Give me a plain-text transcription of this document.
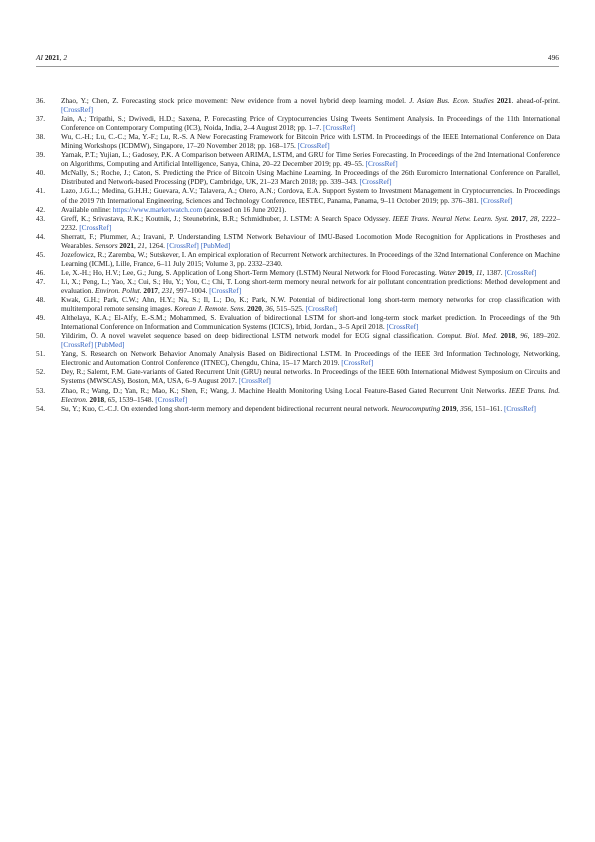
AI 2021, 2	496
36. Zhao, Y.; Chen, Z. Forecasting stock price movement: New evidence from a novel hybrid deep learning model. J. Asian Bus. Econ. Studies 2021. ahead-of-print. [CrossRef]
37. Jain, A.; Tripathi, S.; Dwivedi, H.D.; Saxena, P. Forecasting Price of Cryptocurrencies Using Tweets Sentiment Analysis. In Proceedings of the 11th International Conference on Contemporary Computing (IC3), Noida, India, 2–4 August 2018; pp. 1–7. [CrossRef]
38. Wu, C.-H.; Lu, C.-C.; Ma, Y.-F.; Lu, R.-S. A New Forecasting Framework for Bitcoin Price with LSTM. In Proceedings of the IEEE International Conference on Data Mining Workshops (ICDMW), Singapore, 17–20 November 2018; pp. 168–175. [CrossRef]
39. Yamak, P.T.; Yujian, L.; Gadosey, P.K. A Comparison between ARIMA, LSTM, and GRU for Time Series Forecasting. In Proceedings of the 2nd International Conference on Algorithms, Computing and Artificial Intelligence, Sanya, China, 20–22 December 2019; pp. 49–55. [CrossRef]
40. McNally, S.; Roche, J.; Caton, S. Predicting the Price of Bitcoin Using Machine Learning. In Proceedings of the 26th Euromicro International Conference on Parallel, Distributed and Network-based Processing (PDP), Cambridge, UK, 21–23 March 2018; pp. 339–343. [CrossRef]
41. Lazo, J.G.L.; Medina, G.H.H.; Guevara, A.V.; Talavera, A.; Otero, A.N.; Cordova, E.A. Support System to Investment Management in Cryptocurrencies. In Proceedings of the 2019 7th International Engineering, Sciences and Technology Conference, IESTEC, Panama, Panama, 9–11 October 2019; pp. 376–381. [CrossRef]
42. Available online: https://www.marketwatch.com (accessed on 16 June 2021).
43. Greff, K.; Srivastava, R.K.; Koutnik, J.; Steunebrink, B.R.; Schmidhuber, J. LSTM: A Search Space Odyssey. IEEE Trans. Neural Netw. Learn. Syst. 2017, 28, 2222–2232. [CrossRef]
44. Sherratt, F.; Plummer, A.; Iravani, P. Understanding LSTM Network Behaviour of IMU-Based Locomotion Mode Recognition for Applications in Prostheses and Wearables. Sensors 2021, 21, 1264. [CrossRef] [PubMed]
45. Jozefowicz, R.; Zaremba, W.; Sutskever, I. An empirical exploration of Recurrent Network architectures. In Proceedings of the 32nd International Conference on Machine Learning (ICML), Lille, France, 6–11 July 2015; Volume 3, pp. 2332–2340.
46. Le, X.-H.; Ho, H.V.; Lee, G.; Jung, S. Application of Long Short-Term Memory (LSTM) Neural Network for Flood Forecasting. Water 2019, 11, 1387. [CrossRef]
47. Li, X.; Peng, L.; Yao, X.; Cui, S.; Hu, Y.; You, C.; Chi, T. Long short-term memory neural network for air pollutant concentration predictions: Method development and evaluation. Environ. Pollut. 2017, 231, 997–1004. [CrossRef]
48. Kwak, G.H.; Park, C.W.; Ahn, H.Y.; Na, S.; Il, L.; Do, K.; Park, N.W. Potential of bidirectional long short-term memory networks for crop classification with multitemporal remote sensing images. Korean J. Remote. Sens. 2020, 36, 515–525. [CrossRef]
49. Althelaya, K.A.; El-Alfy, E.-S.M.; Mohammed, S. Evaluation of bidirectional LSTM for short-and long-term stock market prediction. In Proceedings of the 9th International Conference on Information and Communication Systems (ICICS), Irbid, Jordan., 3–5 April 2018. [CrossRef]
50. Yildirim, Ö. A novel wavelet sequence based on deep bidirectional LSTM network model for ECG signal classification. Comput. Biol. Med. 2018, 96, 189–202. [CrossRef] [PubMed]
51. Yang, S. Research on Network Behavior Anomaly Analysis Based on Bidirectional LSTM. In Proceedings of the IEEE 3rd Information Technology, Networking, Electronic and Automation Control Conference (ITNEC), Chengdu, China, 15–17 March 2019. [CrossRef]
52. Dey, R.; Salemt, F.M. Gate-variants of Gated Recurrent Unit (GRU) neural networks. In Proceedings of the IEEE 60th International Midwest Symposium on Circuits and Systems (MWSCAS), Boston, MA, USA, 6–9 August 2017. [CrossRef]
53. Zhao, R.; Wang, D.; Yan, R.; Mao, K.; Shen, F.; Wang, J. Machine Health Monitoring Using Local Feature-Based Gated Recurrent Unit Networks. IEEE Trans. Ind. Electron. 2018, 65, 1539–1548. [CrossRef]
54. Su, Y.; Kuo, C.-C.J. On extended long short-term memory and dependent bidirectional recurrent neural network. Neurocomputing 2019, 356, 151–161. [CrossRef]
